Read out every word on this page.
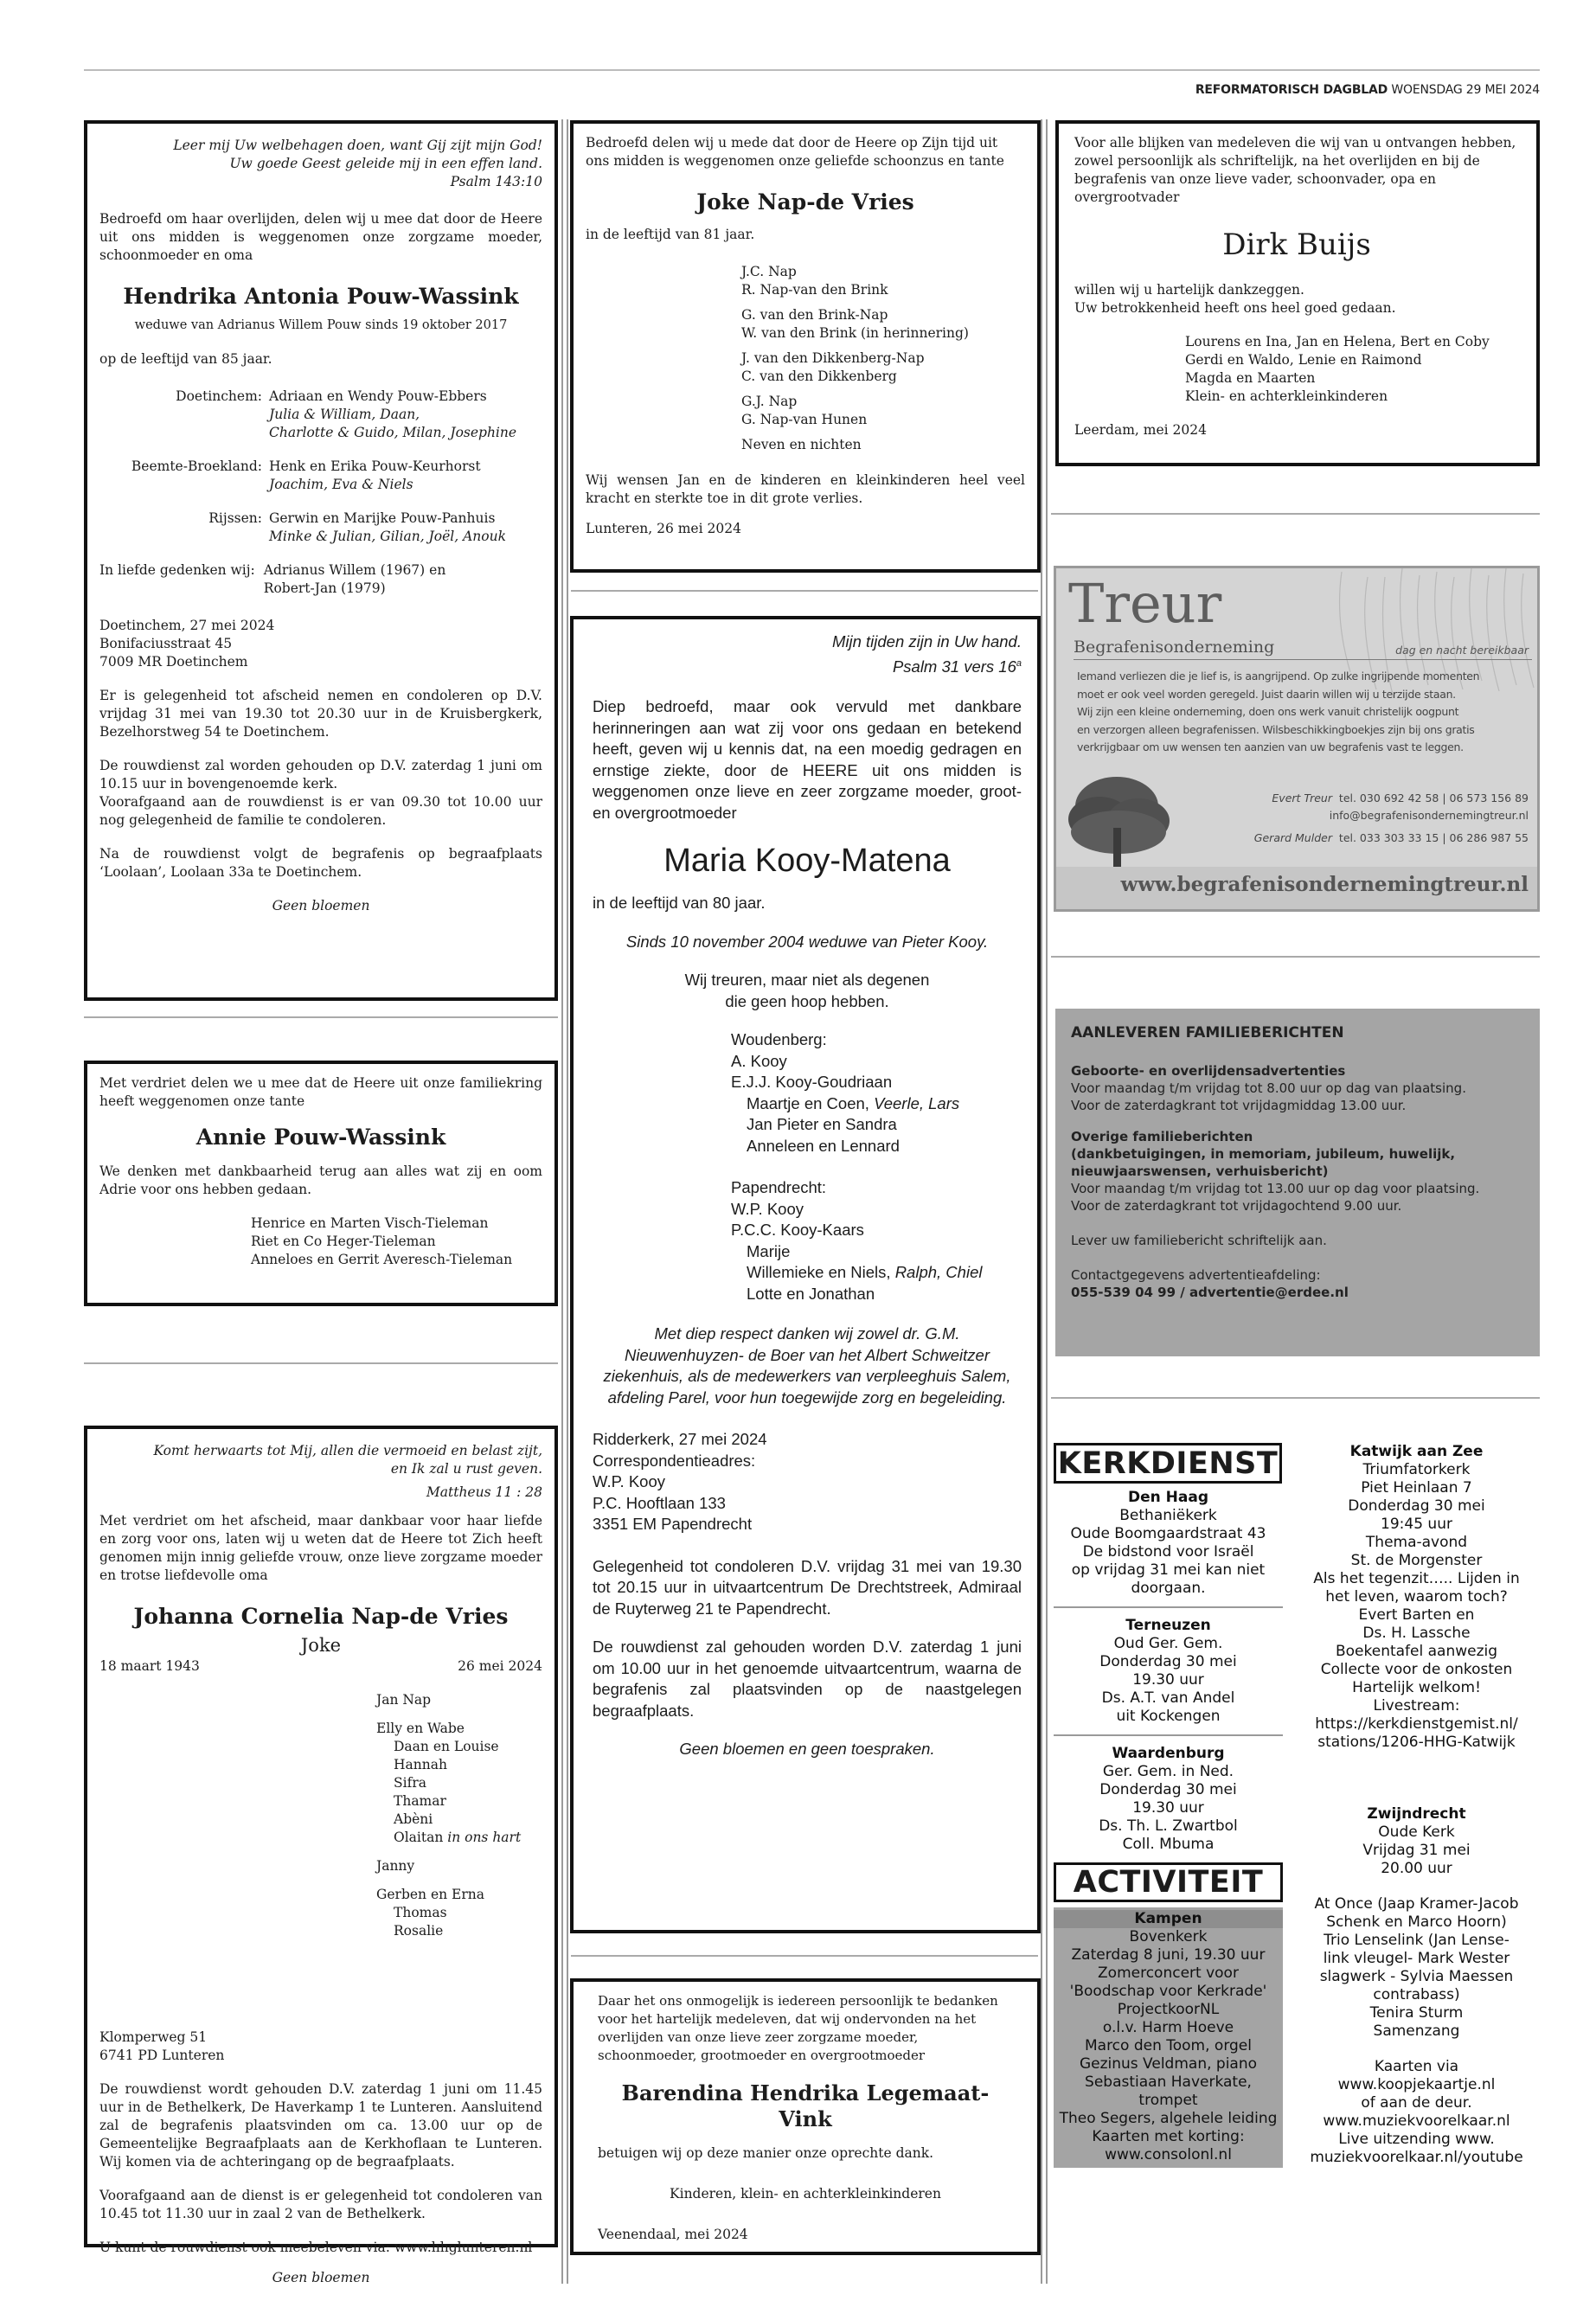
REFORMATORISCH DAGBLAD WOENSDAG 29 MEI 2024

Leer mij Uw welbehagen doen, want Gij zijt mijn God!

Uw goede Geest geleide mij in een effen land.

Psalm 143:10

Bedroefd om haar overlijden, delen wij u mee dat door de Heere uit ons midden is weggenomen onze zorgzame moeder, schoonmoeder en oma

Hendrika Antonia Pouw-Wassink

weduwe van Adrianus Willem Pouw sinds 19 oktober 2017

op de leeftijd van 85 jaar.

Doetinchem: Adriaan en Wendy Pouw-Ebbers
Julia & William, Daan,
Charlotte & Guido, Milan, Josephine
Beemte-Broekland: Henk en Erika Pouw-Keurhorst
Joachim, Eva & Niels
Rijssen: Gerwin en Marijke Pouw-Panhuis
Minke & Julian, Gilian, Joël, Anouk
In liefde gedenken wij: Adrianus Willem (1967) en
Robert-Jan (1979)

Doetinchem, 27 mei 2024

Bonifaciusstraat 45

7009 MR Doetinchem

Er is gelegenheid tot afscheid nemen en condoleren op D.V. vrijdag 31 mei van 19.30 tot 20.30 uur in de Kruisbergkerk, Bezelhorstweg 54 te Doetinchem.

De rouwdienst zal worden gehouden op D.V. zaterdag 1 juni om 10.15 uur in bovengenoemde kerk.

Voorafgaand aan de rouwdienst is er van 09.30 tot 10.00 uur nog gelegenheid de familie te condoleren.

Na de rouwdienst volgt de begrafenis op begraafplaats ‘Loolaan’, Loolaan 33a te Doetinchem.

Geen bloemen

Met verdriet delen we u mee dat de Heere uit onze familiekring heeft weggenomen onze tante

Annie Pouw-Wassink

We denken met dankbaarheid terug aan alles wat zij en oom Adrie voor ons hebben gedaan.

Henrice en Marten Visch-Tieleman

Riet en Co Heger-Tieleman

Anneloes en Gerrit Averesch-Tieleman

Komt herwaarts tot Mij, allen die vermoeid en belast zijt,

en Ik zal u rust geven.

Mattheus 11 : 28

Met verdriet om het afscheid, maar dankbaar voor haar liefde en zorg voor ons, laten wij u weten dat de Heere tot Zich heeft genomen mijn innig geliefde vrouw, onze lieve zorgzame moeder en trotse liefdevolle oma

Johanna Cornelia Nap-de Vries

Joke

18 maart 1943	26 mei 2024

Jan Nap

Elly en Wabe

Daan en Louise

Hannah

Sifra

Thamar

Abèni

Olaitan in ons hart

Janny

Gerben en Erna

Thomas

Rosalie

Klomperweg 51

6741 PD Lunteren

De rouwdienst wordt gehouden D.V. zaterdag 1 juni om 11.45 uur in de Bethelkerk, De Haverkamp 1 te Lunteren. Aansluitend zal de begrafenis plaatsvinden om ca. 13.00 uur op de Gemeentelijke Begraafplaats aan de Kerkhoflaan te Lunteren. Wij komen via de achteringang op de begraafplaats.

Voorafgaand aan de dienst is er gelegenheid tot condoleren van 10.45 tot 11.30 uur in zaal 2 van de Bethelkerk.

U kunt de rouwdienst ook meebeleven via: www.hhglunteren.nl

Geen bloemen

Bedroefd delen wij u mede dat door de Heere op Zijn tijd uit ons midden is weggenomen onze geliefde schoonzus en tante

Joke Nap-de Vries

in de leeftijd van 81 jaar.

J.C. Nap

R. Nap-van den Brink

G. van den Brink-Nap

W. van den Brink (in herinnering)

J. van den Dikkenberg-Nap

C. van den Dikkenberg

G.J. Nap

G. Nap-van Hunen

Neven en nichten

Wij wensen Jan en de kinderen en kleinkinderen heel veel kracht en sterkte toe in dit grote verlies.

Lunteren, 26 mei 2024

Mijn tijden zijn in Uw hand.

Psalm 31 vers 16$^a$

Diep bedroefd, maar ook vervuld met dankbare herinneringen aan wat zij voor ons gedaan en betekend heeft, geven wij u kennis dat, na een moedig gedragen en ernstige ziekte, door de HEERE uit ons midden is weggenomen onze lieve en zeer zorgzame moeder, groot- en overgrootmoeder

Maria Kooy-Matena

in de leeftijd van 80 jaar.

Sinds 10 november 2004 weduwe van Pieter Kooy.

Wij treuren, maar niet als degenen

die geen hoop hebben.

Woudenberg:

A. Kooy

E.J.J. Kooy-Goudriaan

Maartje en Coen, Veerle, Lars

Jan Pieter en Sandra

Anneleen en Lennard

Papendrecht:

W.P. Kooy

P.C.C. Kooy-Kaars

Marije

Willemieke en Niels, Ralph, Chiel

Lotte en Jonathan

Met diep respect danken wij zowel dr. G.M. Nieuwenhuyzen- de Boer van het Albert Schweitzer ziekenhuis, als de medewerkers van verpleeghuis Salem, afdeling Parel, voor hun toegewijde zorg en begeleiding.

Ridderkerk, 27 mei 2024

Correspondentieadres:

W.P. Kooy

P.C. Hooftlaan 133

3351 EM Papendrecht

Gelegenheid tot condoleren D.V. vrijdag 31 mei van 19.30 tot 20.15 uur in uitvaartcentrum De Drechtstreek, Admiraal de Ruyterweg 21 te Papendrecht.

De rouwdienst zal gehouden worden D.V. zaterdag 1 juni om 10.00 uur in het genoemde uitvaartcentrum, waarna de begrafenis zal plaatsvinden op de naastgelegen begraafplaats.

Geen bloemen en geen toespraken.

Daar het ons onmogelijk is iedereen persoonlijk te bedanken voor het hartelijk medeleven, dat wij ondervonden na het overlijden van onze lieve zeer zorgzame moeder, schoonmoeder, grootmoeder en overgrootmoeder

Barendina Hendrika Legemaat-Vink

betuigen wij op deze manier onze oprechte dank.

Kinderen, klein- en achterkleinkinderen

Veenendaal, mei 2024

Voor alle blijken van medeleven die wij van u ontvangen hebben, zowel persoonlijk als schriftelijk, na het overlijden en bij de begrafenis van onze lieve vader, schoonvader, opa en overgrootvader

Dirk Buijs

willen wij u hartelijk dankzeggen.

Uw betrokkenheid heeft ons heel goed gedaan.

Lourens en Ina, Jan en Helena, Bert en Coby

Gerdi en Waldo, Lenie en Raimond

Magda en Maarten

Klein- en achterkleinkinderen

Leerdam, mei 2024

Treur
Begrafenisonderneming	dag en nacht bereikbaar

Iemand verliezen die je lief is, is aangrijpend. Op zulke ingrijpende momenten

moet er ook veel worden geregeld. Juist daarin willen wij u terzijde staan.

Wij zijn een kleine onderneming, doen ons werk vanuit christelijk oogpunt

en verzorgen alleen begrafenissen. Wilsbeschikkingboekjes zijn bij ons gratis

verkrijgbaar om uw wensen ten aanzien van uw begrafenis vast te leggen.

Evert Treur tel. 030 692 42 58 | 06 573 156 89

info@begrafenisondernemingtreur.nl

Gerard Mulder tel. 033 303 33 15 | 06 286 987 55

www.begrafenisondernemingtreur.nl

AANLEVEREN FAMILIEBERICHTEN

Geboorte- en overlijdensadvertenties

Voor maandag t/m vrijdag tot 8.00 uur op dag van plaatsing.

Voor de zaterdagkrant tot vrijdagmiddag 13.00 uur.

Overige familieberichten

(dankbetuigingen, in memoriam, jubileum, huwelijk,

nieuwjaarswensen, verhuisbericht)

Voor maandag t/m vrijdag tot 13.00 uur op dag voor plaatsing.

Voor de zaterdagkrant tot vrijdagochtend 9.00 uur.

Lever uw familiebericht schriftelijk aan.

Contactgegevens advertentieafdeling:

055-539 04 99 / advertentie@erdee.nl

KERKDIENST

Den Haag

Bethaniëkerk

Oude Boomgaardstraat 43

De bidstond voor Israël

op vrijdag 31 mei kan niet

doorgaan.

Terneuzen

Oud Ger. Gem.

Donderdag 30 mei

19.30 uur

Ds. A.T. van Andel

uit Kockengen

Waardenburg

Ger. Gem. in Ned.

Donderdag 30 mei

19.30 uur

Ds. Th. L. Zwartbol

Coll. Mbuma

ACTIVITEIT
Kampen

Bovenkerk

Zaterdag 8 juni, 19.30 uur

Zomerconcert voor

'Boodschap voor Kerkrade'

ProjectkoorNL

o.l.v. Harm Hoeve

Marco den Toom, orgel

Gezinus Veldman, piano

Sebastiaan Haverkate,

trompet

Theo Segers, algehele leiding

Kaarten met korting:

www.consolonl.nl

Katwijk aan Zee

Triumfatorkerk

Piet Heinlaan 7

Donderdag 30 mei

19:45 uur

Thema-avond

St. de Morgenster

Als het tegenzit….. Lijden in

het leven, waarom toch?

Evert Barten en

Ds. H. Lassche

Boekentafel aanwezig

Collecte voor de onkosten

Hartelijk welkom!

Livestream:

https://kerkdienstgemist.nl/

stations/1206-HHG-Katwijk

Zwijndrecht

Oude Kerk

Vrijdag 31 mei

20.00 uur

At Once (Jaap Kramer-Jacob

Schenk en Marco Hoorn)

Trio Lenselink (Jan Lense-

link vleugel- Mark Wester

slagwerk - Sylvia Maessen

contrabass)

Tenira Sturm

Samenzang

Kaarten via

www.koopjekaartje.nl

of aan de deur.

www.muziekvoorelkaar.nl

Live uitzending www.

muziekvoorelkaar.nl/youtube
